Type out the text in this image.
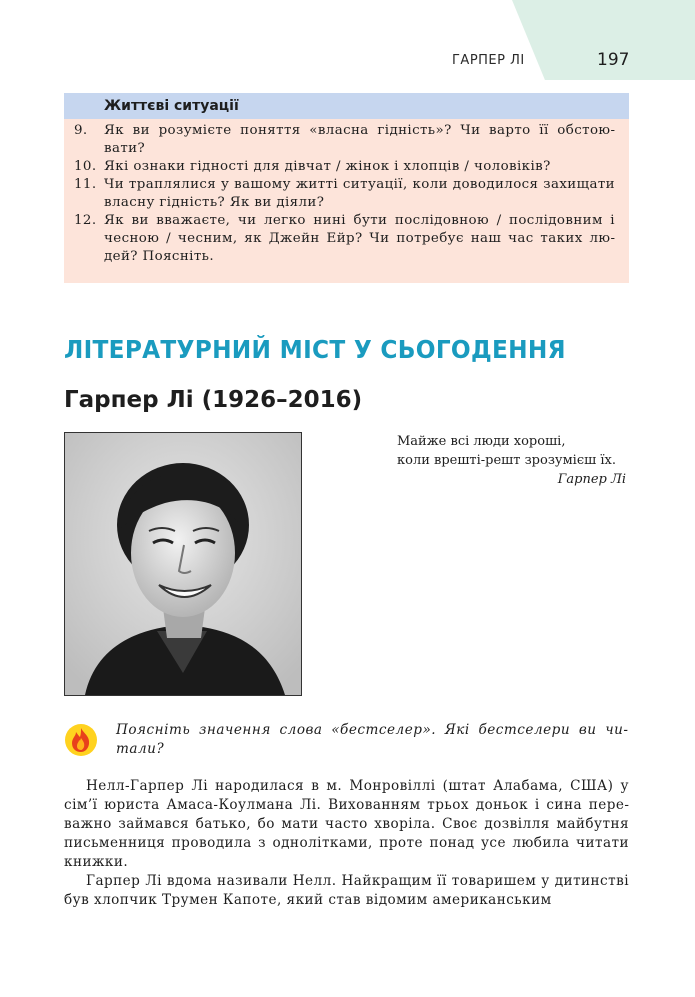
ГАРПЕР ЛІ	197
Життєві ситуації
9.	Як ви розумієте поняття «власна гідність»? Чи варто її обстоювати?
10. Які ознаки гідності для дівчат / жінок і хлопців / чоловіків?
11. Чи траплялися у вашому житті ситуації, коли доводилося захищати власну гідність? Як ви діяли?
12. Як ви вважаєте, чи легко нині бути послідовною / послідовним і чесною / чесним, як Джейн Ейр? Чи потребує наш час таких людей? Поясніть.
ЛІТЕРАТУРНИЙ МІСТ У СЬОГОДЕННЯ
Гарпер Лі (1926–2016)
Майже всі люди хороші,
коли врешті-решт зрозумієш їх.
Гарпер Лі
Поясніть значення слова «бестселер». Які бестселери ви читали?

Нелл-Гарпер Лі народилася в м. Монровіллі (штат Алабама, США) у сім’ї юриста Амаса-Коулмана Лі. Вихованням трьох доньок і сина переважно займався батько, бо мати часто хворіла. Своє дозвілля майбутня письменниця проводила з однолітками, проте понад усе любила читати книжки.

Гарпер Лі вдома називали Нелл. Найкращим її товаришем у дитинстві був хлопчик Трумен Капоте, який став відомим американським
